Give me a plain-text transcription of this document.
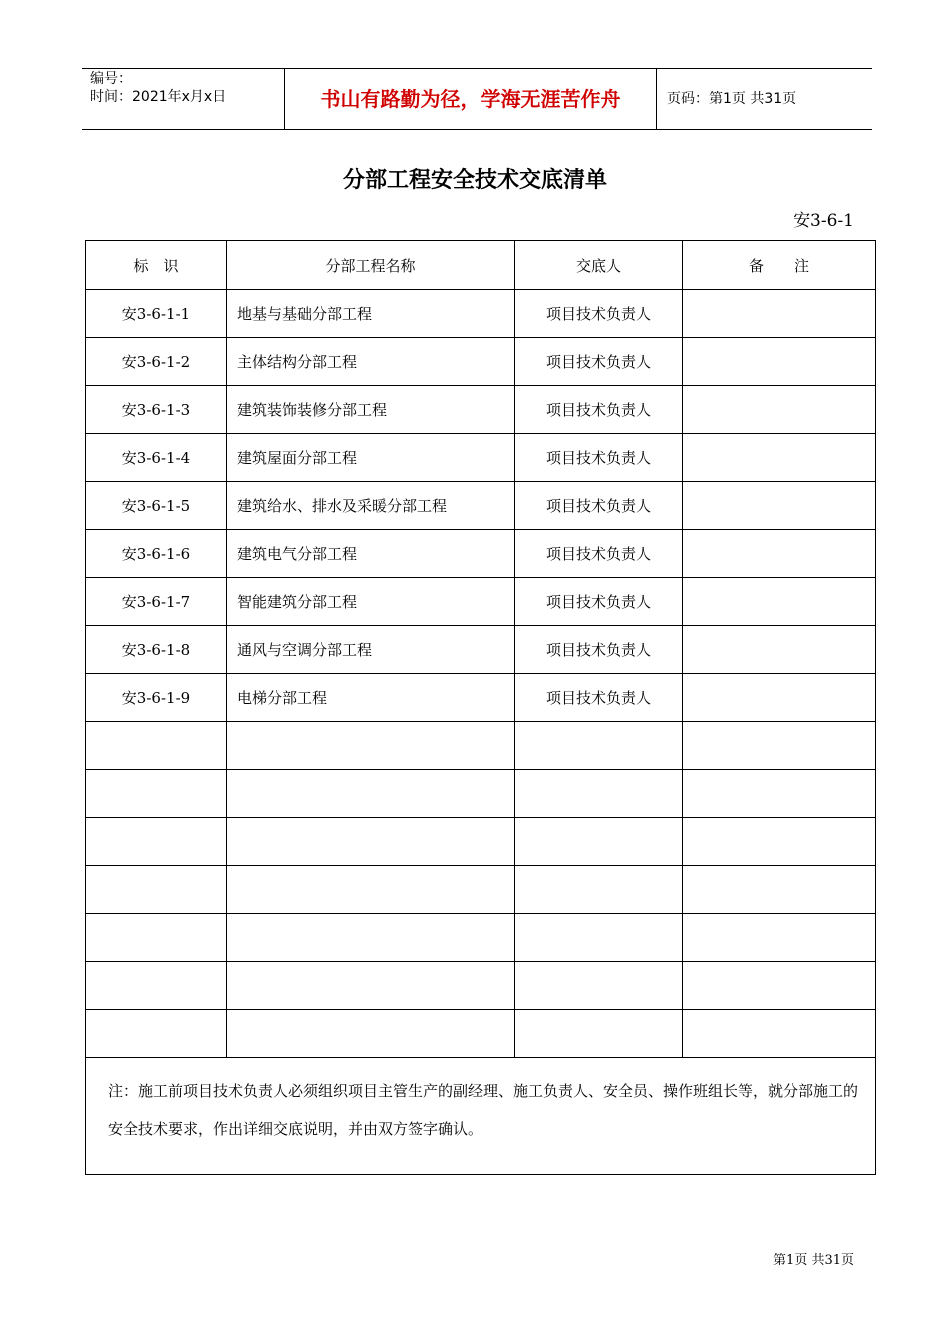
编号：
时间：2021年x月x日	书山有路勤为径，学海无涯苦作舟	页码：第1页 共31页
分部工程安全技术交底清单
安3-6-1
标　识	分部工程名称	交底人	备　　注
安3-6-1-1	地基与基础分部工程	项目技术负责人	
安3-6-1-2	主体结构分部工程	项目技术负责人	
安3-6-1-3	建筑装饰装修分部工程	项目技术负责人	
安3-6-1-4	建筑屋面分部工程	项目技术负责人	
安3-6-1-5	建筑给水、排水及采暖分部工程	项目技术负责人	
安3-6-1-6	建筑电气分部工程	项目技术负责人	
安3-6-1-7	智能建筑分部工程	项目技术负责人	
安3-6-1-8	通风与空调分部工程	项目技术负责人	
安3-6-1-9	电梯分部工程	项目技术负责人	

注：施工前项目技术负责人必须组织项目主管生产的副经理、施工负责人、安全员、操作班组长等，就分部施工的安全技术要求，作出详细交底说明，并由双方签字确认。			
第1页 共31页
